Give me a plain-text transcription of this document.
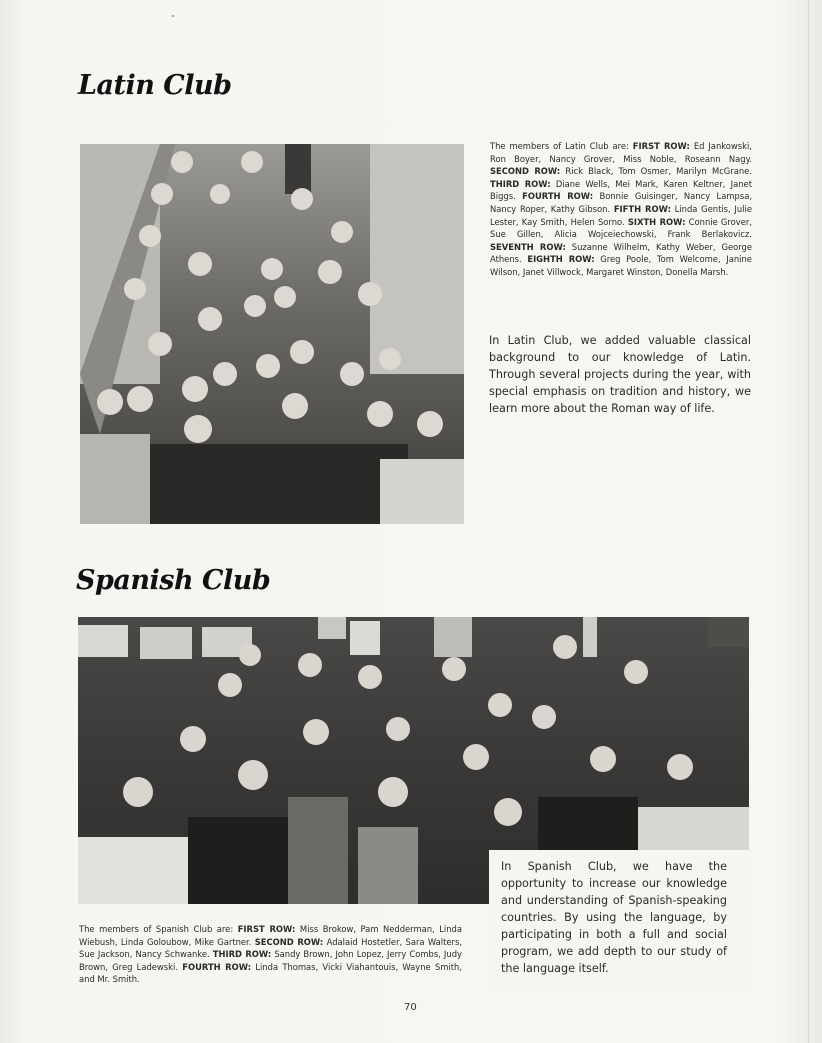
Latin Club

The members of Latin Club are: FIRST ROW: Ed Jankowski, Ron Boyer, Nancy Grover, Miss Noble, Roseann Nagy. SECOND ROW: Rick Black, Tom Osmer, Marilyn McGrane. THIRD ROW: Diane Wells, Mei Mark, Karen Keltner, Janet Biggs. FOURTH ROW: Bonnie Guisinger, Nancy Lampsa, Nancy Roper, Kathy Gibson. FIFTH ROW: Linda Gentis, Julie Lester, Kay Smith, Helen Sorno. SIXTH ROW: Connie Grover, Sue Gillen, Alicia Wojceiechowski, Frank Berlakovicz. SEVENTH ROW: Suzanne Wilhelm, Kathy Weber, George Athens. EIGHTH ROW: Greg Poole, Tom Welcome, Janine Wilson, Janet Villwock, Margaret Winston, Donella Marsh.

In Latin Club, we added valuable classical background to our knowledge of Latin. Through several projects during the year, with special emphasis on tradition and history, we learn more about the Roman way of life.

Spanish Club

The members of Spanish Club are: FIRST ROW: Miss Brokow, Pam Nedderman, Linda Wiebush, Linda Goloubow, Mike Gartner. SECOND ROW: Adalaid Hostetler, Sara Walters, Sue Jackson, Nancy Schwanke. THIRD ROW: Sandy Brown, John Lopez, Jerry Combs, Judy Brown, Greg Ladewski. FOURTH ROW: Linda Thomas, Vicki Viahantouis, Wayne Smith, and Mr. Smith.

In Spanish Club, we have the opportunity to increase our knowledge and understanding of Spanish-speaking countries. By using the language, by participating in both a full and social program, we add depth to our study of the language itself.

70
